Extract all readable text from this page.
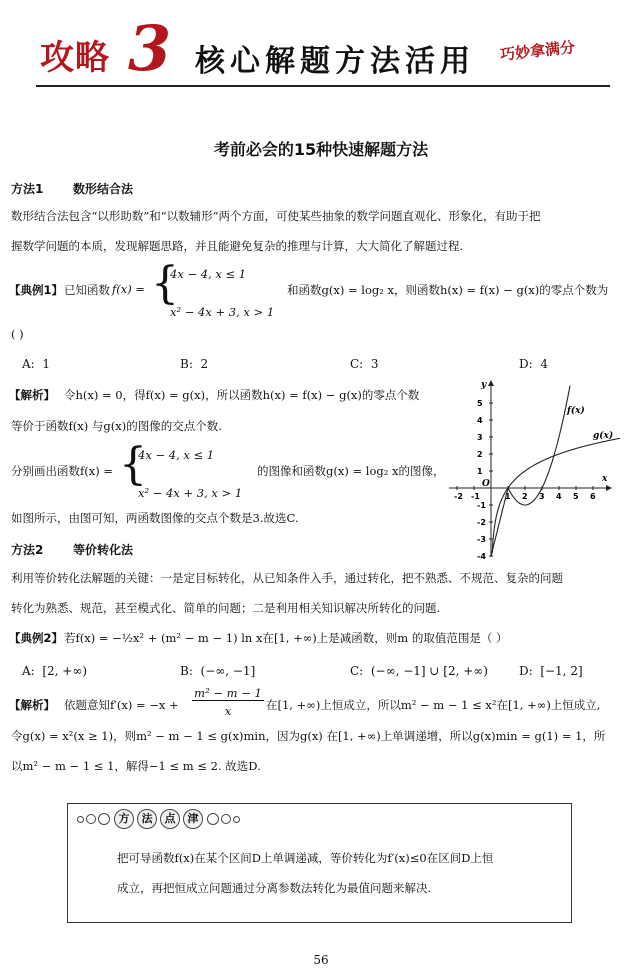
攻略 3 核心解题方法活用 巧妙拿满分
考前必会的15种快速解题方法
方法1 数形结合法
数形结合法包含“以形助数”和“以数辅形”两个方面，可使某些抽象的数学问题直观化、形象化，有助于把
握数学问题的本质，发现解题思路，并且能避免复杂的推理与计算，大大简化了解题过程.
【典例1】 已知函数 f(x) = {
4x − 4, x ≤ 1
x² − 4x + 3, x > 1
和函数g(x) = log₂ x，则函数h(x) = f(x) − g(x)的零点个数为
( )
A: 1	B: 2	C: 3	D: 4
【解析】 令h(x) = 0，得f(x) = g(x)，所以函数h(x) = f(x) − g(x)的零点个数
等价于函数f(x) 与g(x)的图像的交点个数.
分别画出函数f(x) = {
4x − 4, x ≤ 1
x² − 4x + 3, x > 1
的图像和函数g(x) = log₂ x的图像，
如图所示，由图可知，两函数图像的交点个数是3.故选C.
-2 -1	1 2 3 4 5 6
5
4
3
2
1
-1
-2
-3
-4
y
x
O
f(x)
g(x)
方法2 等价转化法
利用等价转化法解题的关键：一是定目标转化，从已知条件入手，通过转化，把不熟悉、不规范、复杂的问题
转化为熟悉、规范，甚至模式化、简单的问题；二是利用相关知识解决所转化的问题.
【典例2】 若f(x) = −½x² + (m² − m − 1) ln x在[1, +∞)上是减函数，则m 的取值范围是（ ）
A: [2, +∞)	B: (−∞, −1]	C: (−∞, −1] ∪ [2, +∞)	D: [−1, 2]
【解析】 依题意知f′(x) = −x +
m² − m − 1
x	在[1, +∞)上恒成立，所以m² − m − 1 ≤ x²在[1, +∞)上恒成立,
令g(x) = x²(x ≥ 1)，则m² − m − 1 ≤ g(x)min，因为g(x) 在[1, +∞)上单调递增，所以g(x)min = g(1) = 1，所
以m² − m − 1 ≤ 1，解得−1 ≤ m ≤ 2. 故选D.
方	法	点	津
把可导函数f(x)在某个区间D上单调递减，等价转化为f′(x)≤0在区间D上恒
成立，再把恒成立问题通过分离参数法转化为最值问题来解决.
56
